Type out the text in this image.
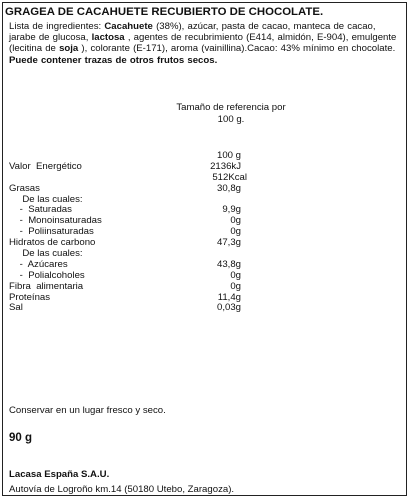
GRAGEA DE CACAHUETE RECUBIERTO DE CHOCOLATE.

Lista de ingredientes: Cacahuete (38%), azúcar, pasta de cacao, manteca de cacao, jarabe de glucosa, lactosa , agentes de recubrimiento (E414, almidón, E-904), emulgente (lecitina de soja ), colorante (E-171), aroma (vainillina).Cacao: 43% mínimo en chocolate. Puede contener trazas de otros frutos secos.

Tamaño de referencia por
100 g.
100 g
Valor  Energético	2136kJ
512Kcal
Grasas	30,8g
De las cuales:
-  Saturadas	9,9g
-  Monoinsaturadas	0g
-  Poliinsaturadas	0g
Hidratos de carbono	47,3g
De las cuales:
-  Azúcares	43,8g
-  Polialcoholes	0g
Fibra  alimentaria	0g
Proteínas	11,4g
Sal	0,03g
Conservar en un lugar fresco y seco.
90 g
Lacasa España S.A.U.
Autovía de Logroño km.14 (50180 Utebo, Zaragoza).
